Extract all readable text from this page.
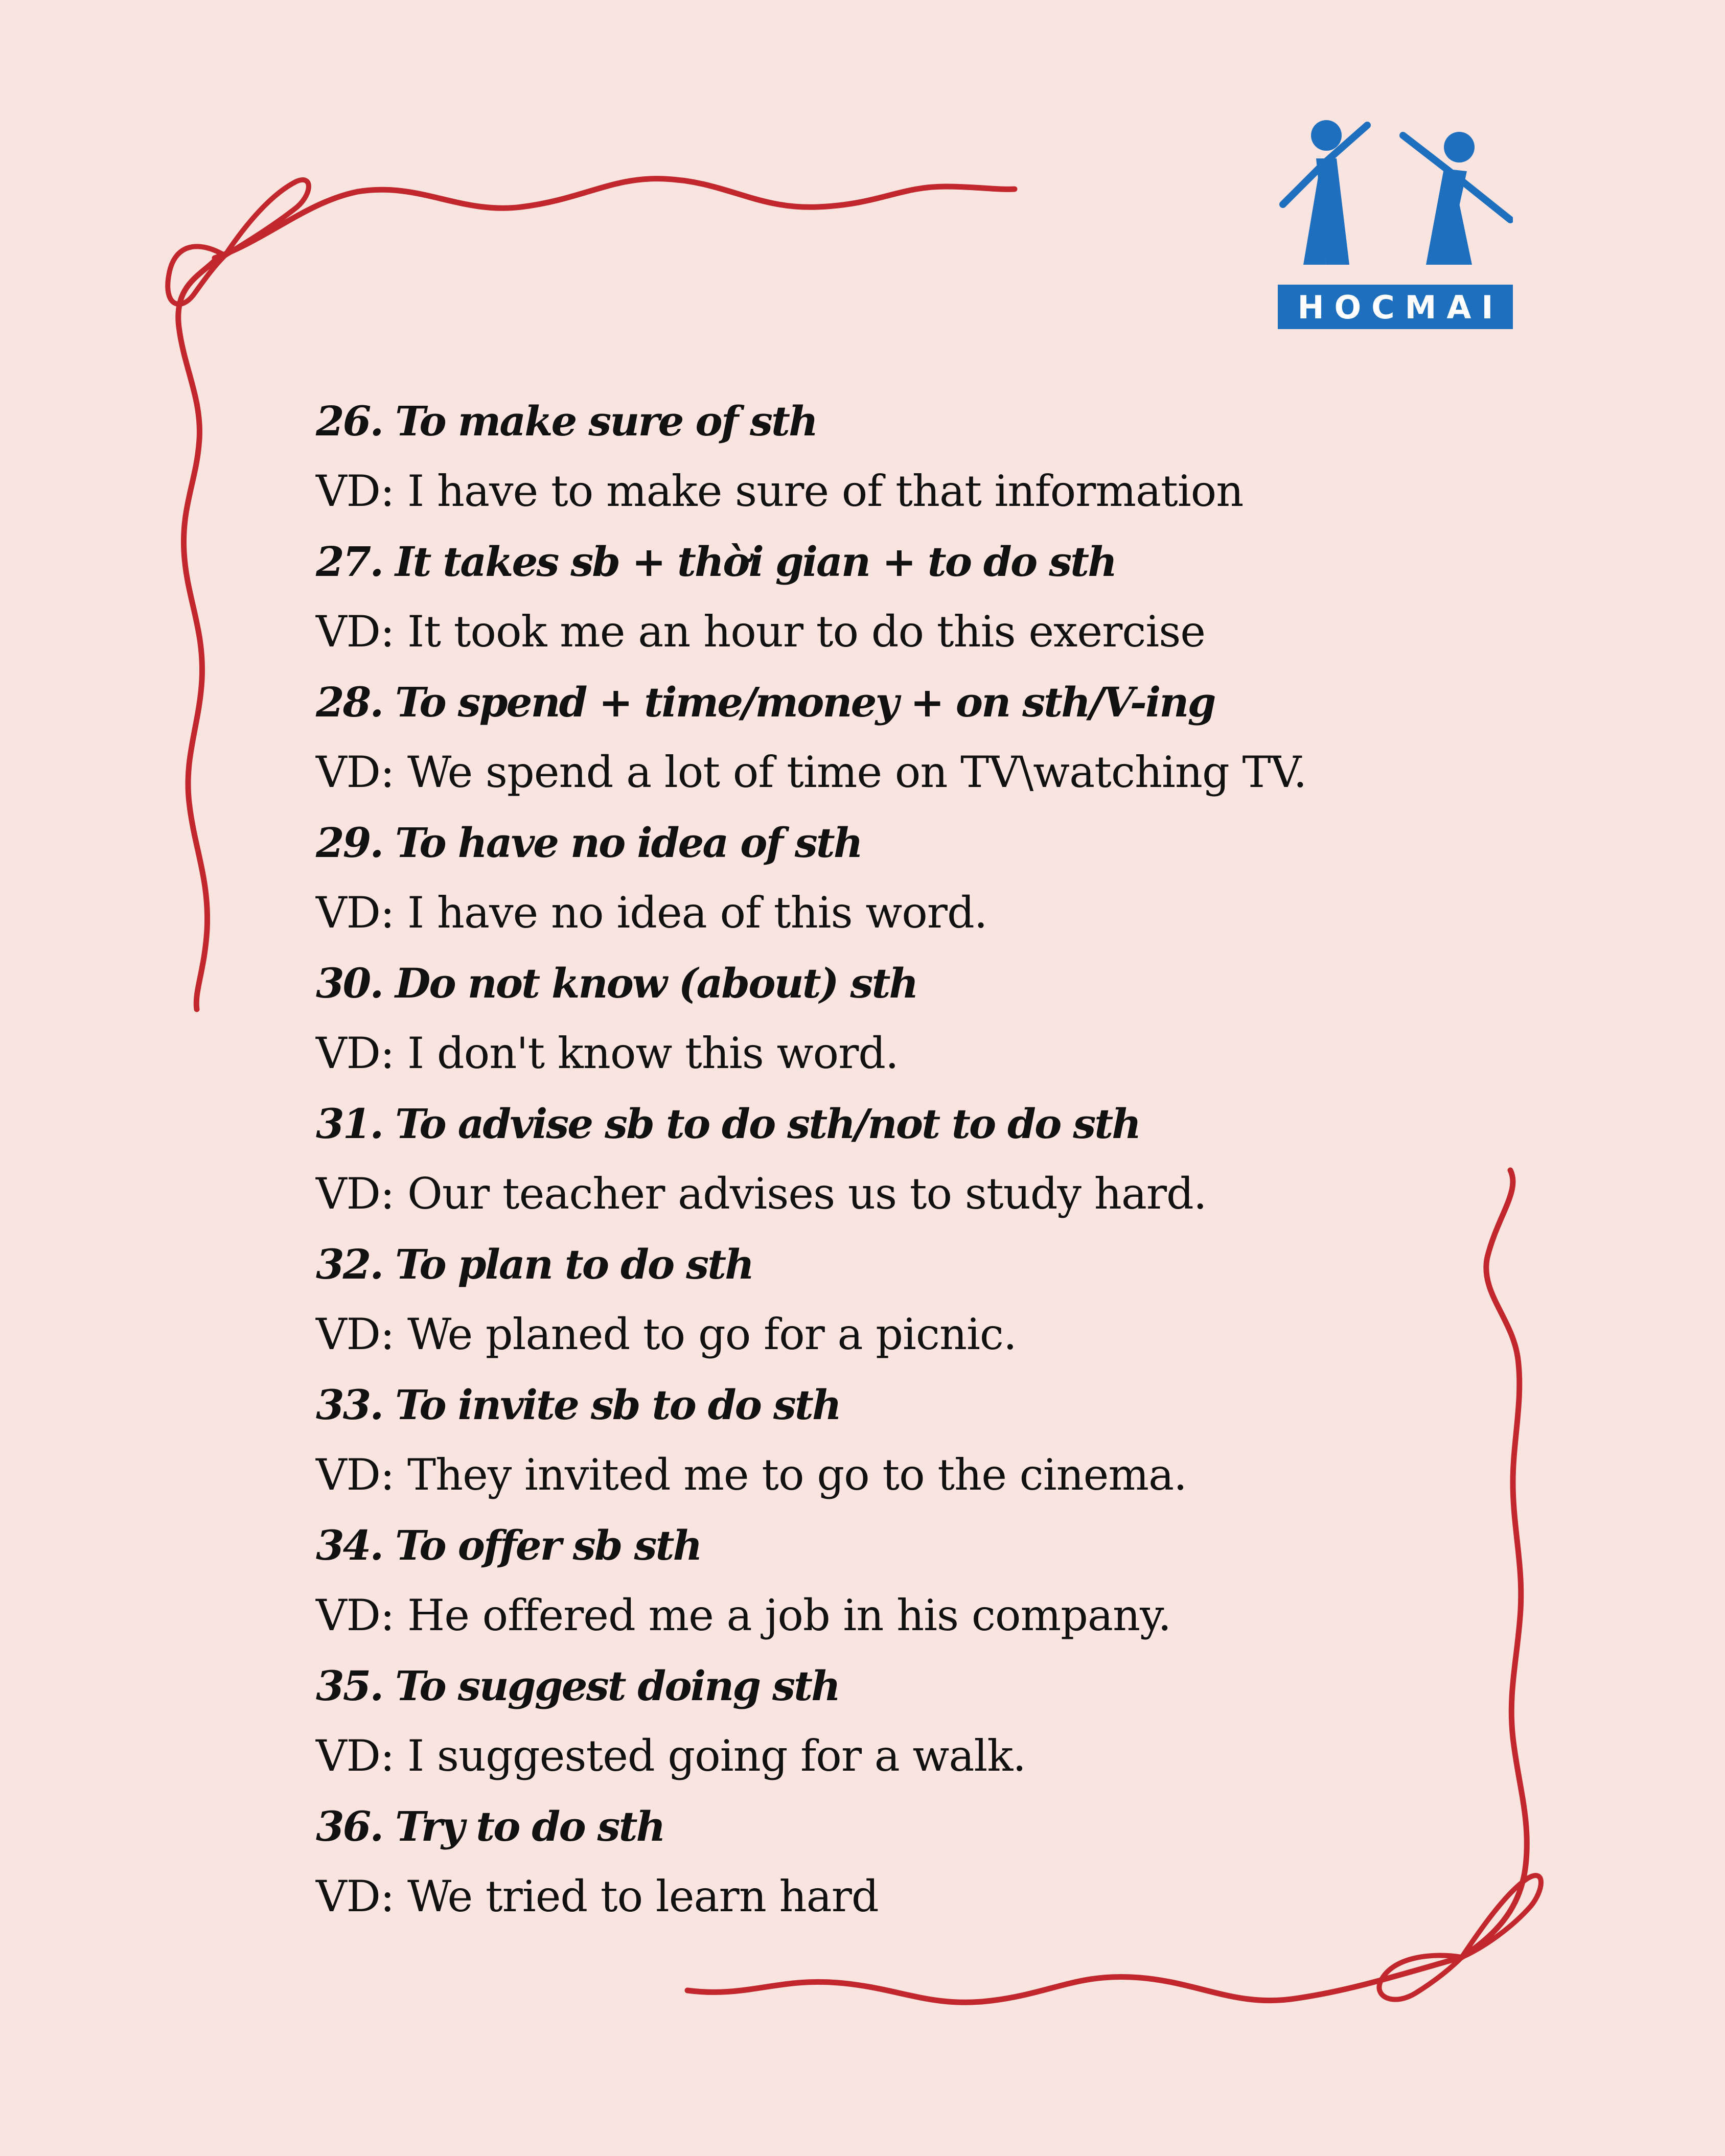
HOCMAI
26. To make sure of sth
VD: I have to make sure of that information
27. It takes sb + thời gian + to do sth
VD: It took me an hour to do this exercise
28. To spend + time/money + on sth/V-ing
VD: We spend a lot of time on TV\watching TV.
29. To have no idea of sth
VD: I have no idea of this word.
30. Do not know (about) sth
VD: I don't know this word.
31. To advise sb to do sth/not to do sth
VD: Our teacher advises us to study hard.
32. To plan to do sth
VD: We planed to go for a picnic.
33. To invite sb to do sth
VD: They invited me to go to the cinema.
34. To offer sb sth
VD: He offered me a job in his company.
35. To suggest doing sth
VD: I suggested going for a walk.
36. Try to do sth
VD: We tried to learn hard
